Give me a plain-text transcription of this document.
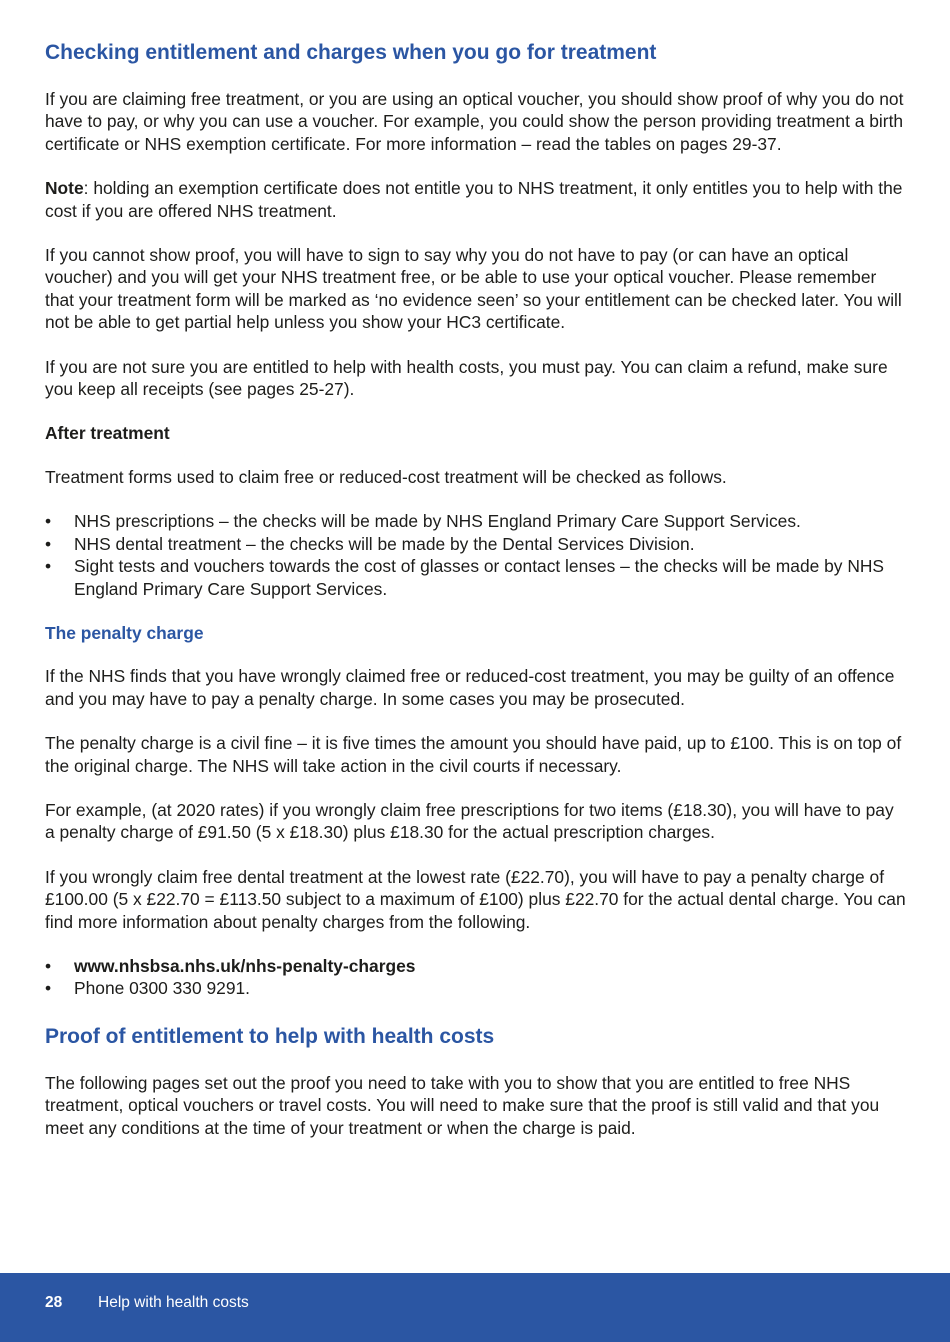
Checking entitlement and charges when you go for treatment

If you are claiming free treatment, or you are using an optical voucher, you should show proof of why you do not have to pay, or why you can use a voucher. For example, you could show the person providing treatment a birth certificate or NHS exemption certificate. For more information – read the tables on pages 29-37.

Note: holding an exemption certificate does not entitle you to NHS treatment, it only entitles you to help with the cost if you are offered NHS treatment.

If you cannot show proof, you will have to sign to say why you do not have to pay (or can have an optical voucher) and you will get your NHS treatment free, or be able to use your optical voucher. Please remember that your treatment form will be marked as ‘no evidence seen’ so your entitlement can be checked later. You will not be able to get partial help unless you show your HC3 certificate.

If you are not sure you are entitled to help with health costs, you must pay. You can claim a refund, make sure you keep all receipts (see pages 25-27).

After treatment

Treatment forms used to claim free or reduced-cost treatment will be checked as follows.

• NHS prescriptions – the checks will be made by NHS England Primary Care Support Services.
• NHS dental treatment – the checks will be made by the Dental Services Division.
• Sight tests and vouchers towards the cost of glasses or contact lenses – the checks will be made by NHS England Primary Care Support Services.
The penalty charge

If the NHS finds that you have wrongly claimed free or reduced-cost treatment, you may be guilty of an offence and you may have to pay a penalty charge. In some cases you may be prosecuted.

The penalty charge is a civil fine – it is five times the amount you should have paid, up to £100. This is on top of the original charge. The NHS will take action in the civil courts if necessary.

For example, (at 2020 rates) if you wrongly claim free prescriptions for two items (£18.30), you will have to pay a penalty charge of £91.50 (5 x £18.30) plus £18.30 for the actual prescription charges.

If you wrongly claim free dental treatment at the lowest rate (£22.70), you will have to pay a penalty charge of £100.00 (5 x £22.70 = £113.50 subject to a maximum of £100) plus £22.70 for the actual dental charge. You can find more information about penalty charges from the following.

• www.nhsbsa.nhs.uk/nhs-penalty-charges
• Phone 0300 330 9291.
Proof of entitlement to help with health costs

The following pages set out the proof you need to take with you to show that you are entitled to free NHS treatment, optical vouchers or travel costs. You will need to make sure that the proof is still valid and that you meet any conditions at the time of your treatment or when the charge is paid.

28 Help with health costs
